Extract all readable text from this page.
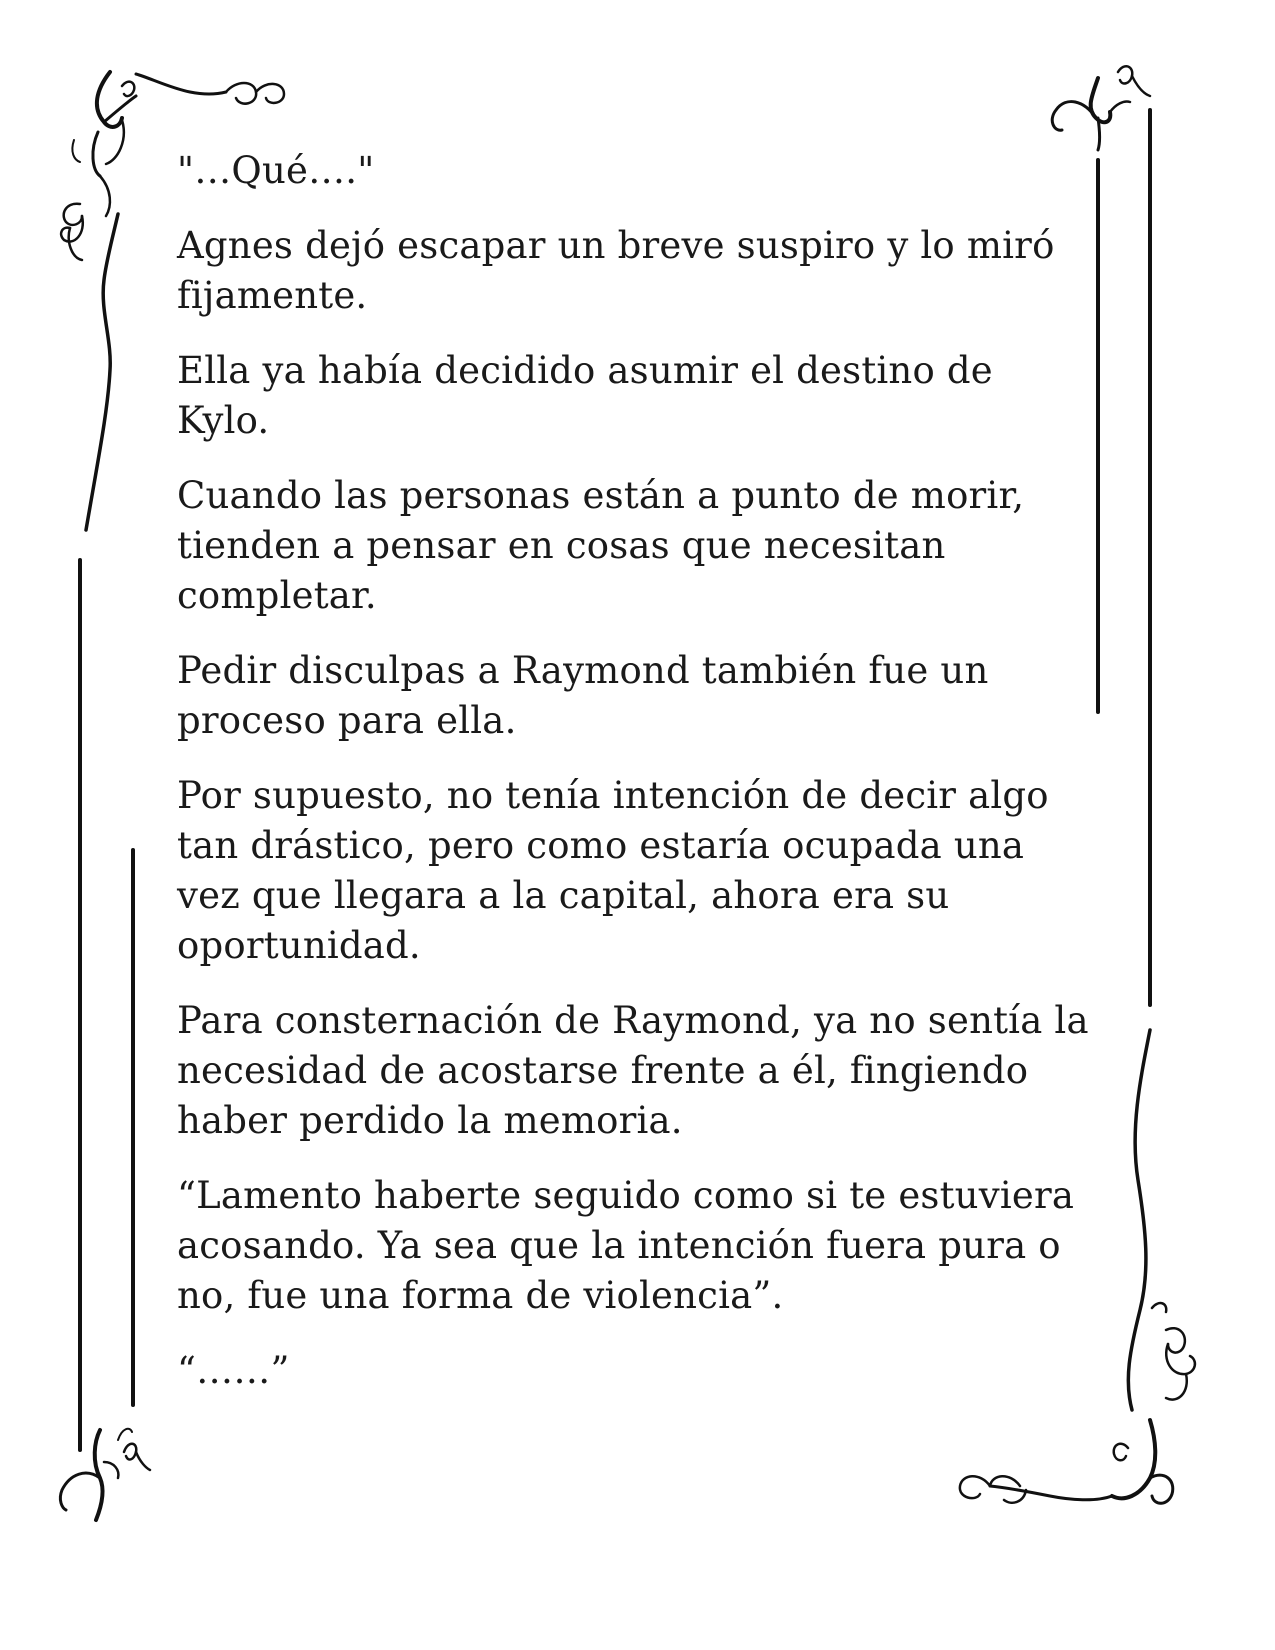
"…Qué…."

Agnes dejó escapar un breve suspiro y lo miró fijamente.

Ella ya había decidido asumir el destino de Kylo.

Cuando las personas están a punto de morir, tienden a pensar en cosas que necesitan completar.

Pedir disculpas a Raymond también fue un proceso para ella.

Por supuesto, no tenía intención de decir algo tan drástico, pero como estaría ocupada una vez que llegara a la capital, ahora era su oportunidad.

Para consternación de Raymond, ya no sentía la necesidad de acostarse frente a él, fingiendo haber perdido la memoria.

“Lamento haberte seguido como si te estuviera acosando. Ya sea que la intención fuera pura o no, fue una forma de violencia”.

“……”
